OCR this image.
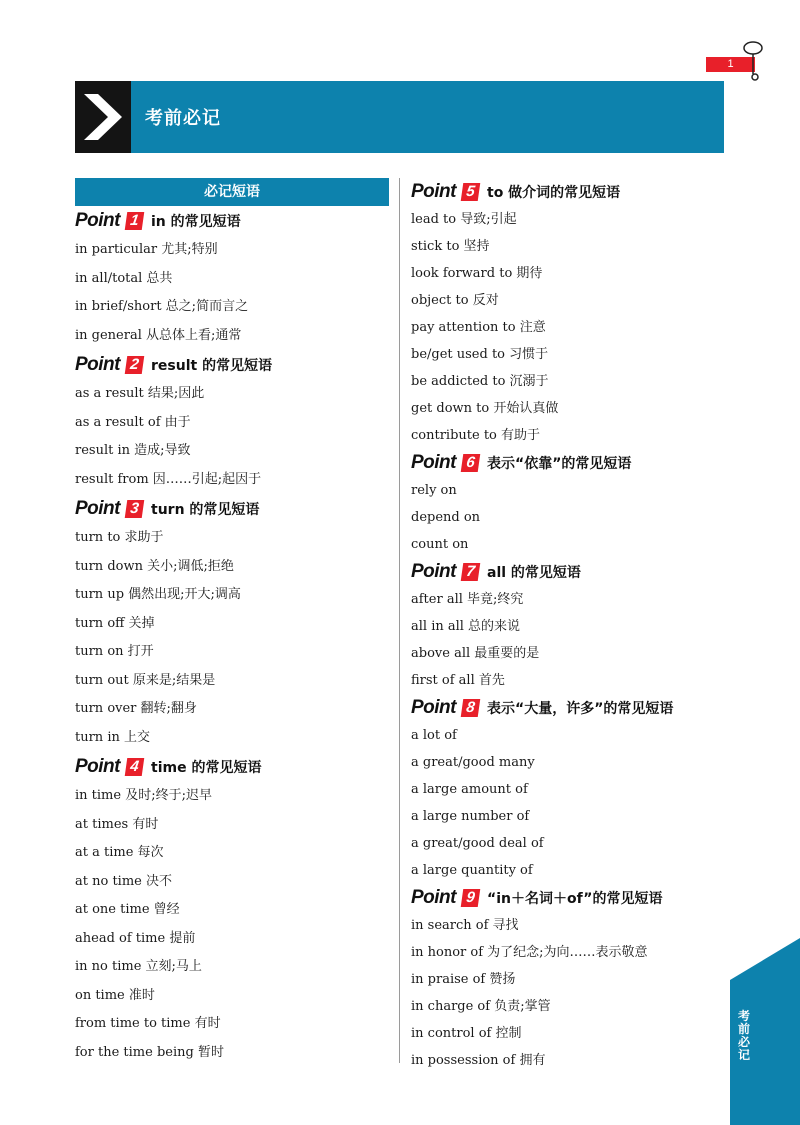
1
考前必记
必记短语
Point 1 in 的常见短语
in particular 尤其;特别
in all/total 总共
in brief/short 总之;简而言之
in general 从总体上看;通常
Point 2 result 的常见短语
as a result 结果;因此
as a result of 由于
result in 造成;导致
result from 因……引起;起因于
Point 3 turn 的常见短语
turn to 求助于
turn down 关小;调低;拒绝
turn up 偶然出现;开大;调高
turn off 关掉
turn on 打开
turn out 原来是;结果是
turn over 翻转;翻身
turn in 上交
Point 4 time 的常见短语
in time 及时;终于;迟早
at times 有时
at a time 每次
at no time 决不
at one time 曾经
ahead of time 提前
in no time 立刻;马上
on time 准时
from time to time 有时
for the time being 暂时
Point 5 to 做介词的常见短语
lead to 导致;引起
stick to 坚持
look forward to 期待
object to 反对
pay attention to 注意
be/get used to 习惯于
be addicted to 沉溺于
get down to 开始认真做
contribute to 有助于
Point 6 表示“依靠”的常见短语
rely on
depend on
count on
Point 7 all 的常见短语
after all 毕竟;终究
all in all 总的来说
above all 最重要的是
first of all 首先
Point 8 表示“大量，许多”的常见短语
a lot of
a great/good many
a large amount of
a large number of
a great/good deal of
a large quantity of
Point 9 “in＋名词＋of”的常见短语
in search of 寻找
in honor of 为了纪念;为向……表示敬意
in praise of 赞扬
in charge of 负责;掌管
in control of 控制
in possession of 拥有
考前必记
